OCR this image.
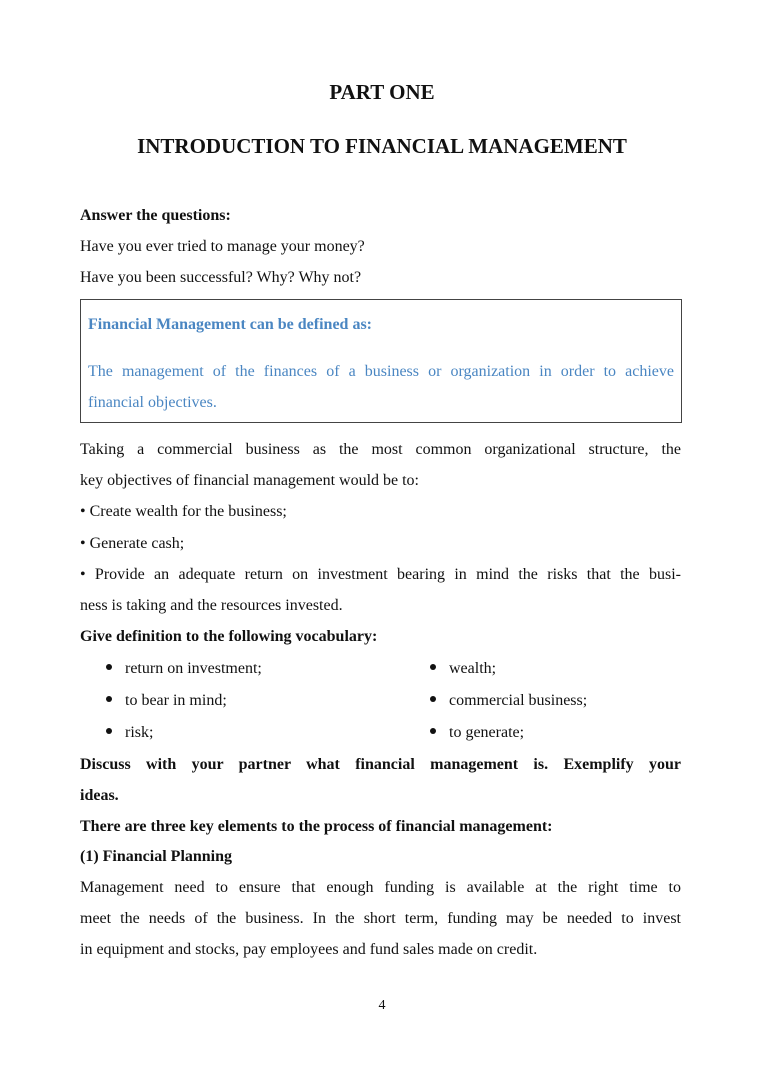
PART ONE
INTRODUCTION TO FINANCIAL MANAGEMENT
Answer the questions:
Have you ever tried to manage your money?
Have you been successful? Why? Why not?
Financial Management can be defined as:
The management of the finances of a business or organization in order to achieve
financial objectives.
Taking a commercial business as the most common organizational structure, the
key objectives of financial management would be to:
• Create wealth for the business;
• Generate cash;
• Provide an adequate return on investment bearing in mind the risks that the busi-
ness is taking and the resources invested.
Give definition to the following vocabulary:
return on investment;
to bear in mind;
risk;
wealth;
commercial business;
to generate;
Discuss with your partner what financial management is. Exemplify your
ideas.
There are three key elements to the process of financial management:
(1) Financial Planning
Management need to ensure that enough funding is available at the right time to
meet the needs of the business. In the short term, funding may be needed to invest
in equipment and stocks, pay employees and fund sales made on credit.
4
